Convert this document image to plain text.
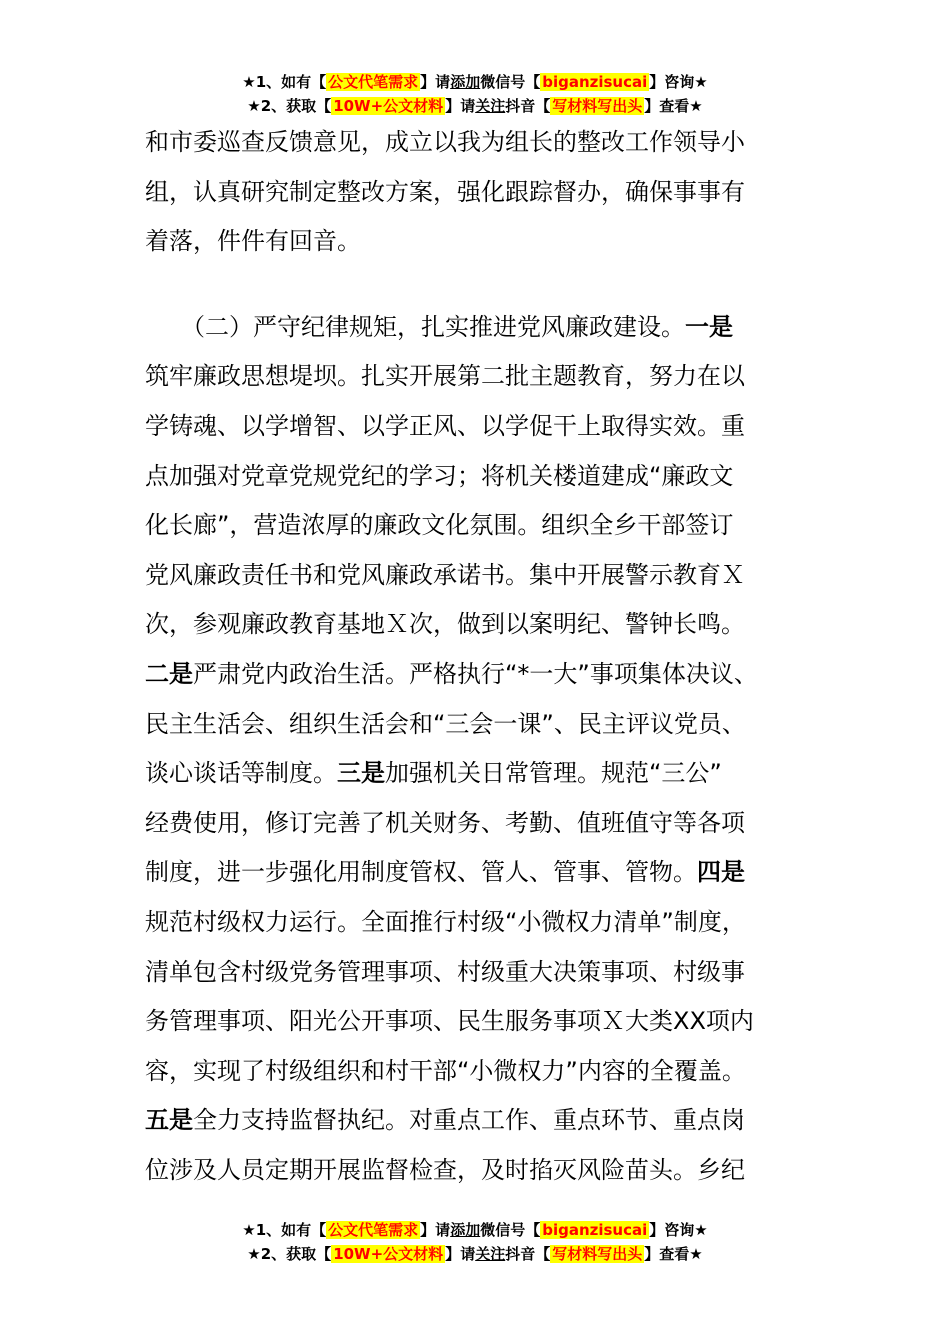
★1、如有【 公文代笔需求 】请添加微信号【 biganzisucai 】咨询★
★2、获取【 10W+公文材料 】请关注抖音【 写材料写出头 】查看★
和市委巡查反馈意见，成立以我为组长的整改工作领导小
组，认真研究制定整改方案，强化跟踪督办，确保事事有
着落，件件有回音。
　　（二）严守纪律规矩，扎实推进党风廉政建设。一是
筑牢廉政思想堤坝。扎实开展第二批主题教育，努力在以
学铸魂、以学增智、以学正风、以学促干上取得实效。重
点加强对党章党规党纪的学习；将机关楼道建成“廉政文
化长廊”，营造浓厚的廉政文化氛围。组织全乡干部签订
党风廉政责任书和党风廉政承诺书。集中开展警示教育Ｘ
次，参观廉政教育基地Ｘ次，做到以案明纪、警钟长鸣。
二是严肃党内政治生活。严格执行“*一大”事项集体决议、
民主生活会、组织生活会和“三会一课”、民主评议党员、
谈心谈话等制度。三是加强机关日常管理。规范“三公”
经费使用，修订完善了机关财务、考勤、值班值守等各项
制度，进一步强化用制度管权、管人、管事、管物。四是
规范村级权力运行。全面推行村级“小微权力清单”制度，
清单包含村级党务管理事项、村级重大决策事项、村级事
务管理事项、阳光公开事项、民生服务事项Ｘ大类XX项内
容，实现了村级组织和村干部“小微权力”内容的全覆盖。
五是全力支持监督执纪。对重点工作、重点环节、重点岗
位涉及人员定期开展监督检查，及时掐灭风险苗头。乡纪
★1、如有【 公文代笔需求 】请添加微信号【 biganzisucai 】咨询★
★2、获取【 10W+公文材料 】请关注抖音【 写材料写出头 】查看★
